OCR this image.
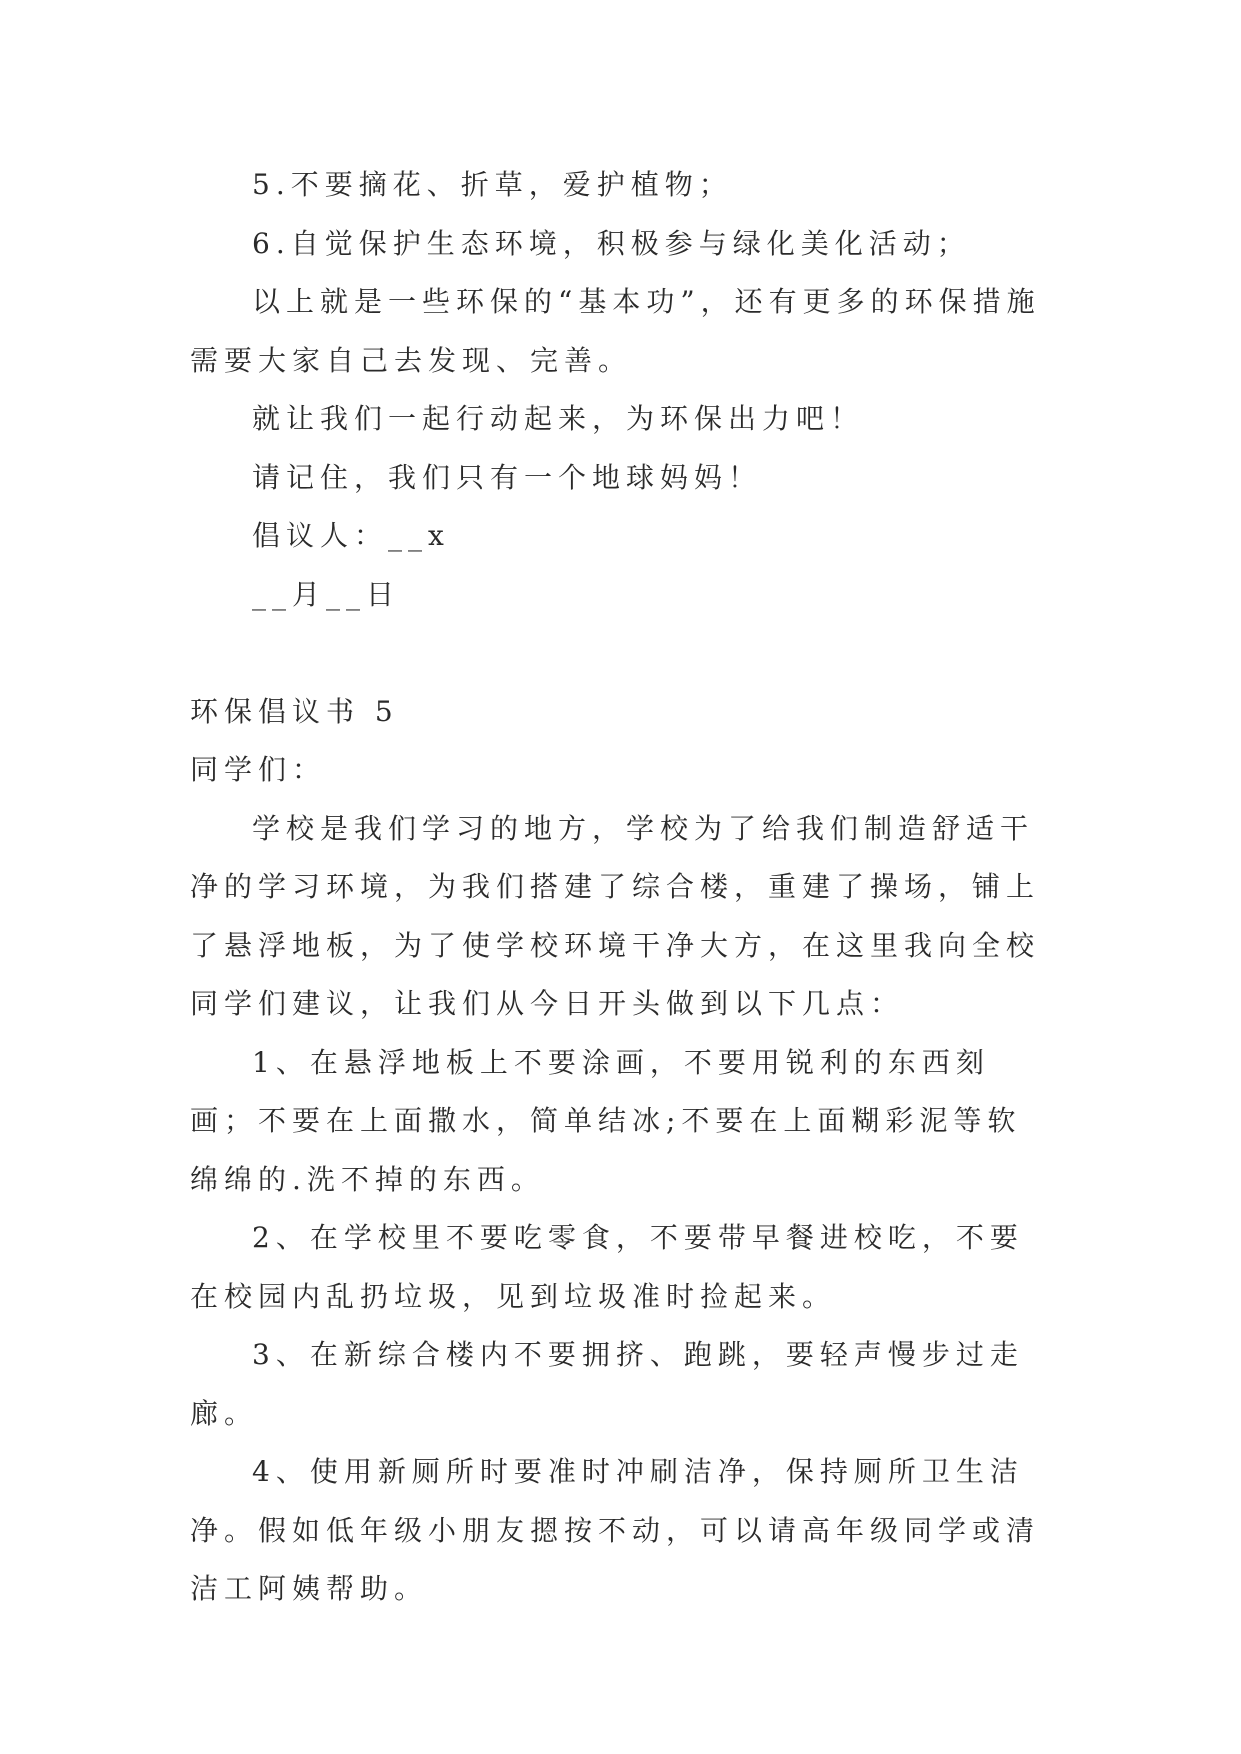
5.不要摘花、折草，爱护植物；

6.自觉保护生态环境，积极参与绿化美化活动；

以上就是一些环保的“基本功”，还有更多的环保措施需要大家自己去发现、完善。

就让我们一起行动起来，为环保出力吧！

请记住，我们只有一个地球妈妈！

倡议人：__x

__月__日

环保倡议书 5

同学们：

学校是我们学习的地方，学校为了给我们制造舒适干净的学习环境，为我们搭建了综合楼，重建了操场，铺上了悬浮地板，为了使学校环境干净大方，在这里我向全校同学们建议，让我们从今日开头做到以下几点：

1、在悬浮地板上不要涂画，不要用锐利的东西刻画；不要在上面撒水，简单结冰;不要在上面糊彩泥等软绵绵的.洗不掉的东西。

2、在学校里不要吃零食，不要带早餐进校吃，不要在校园内乱扔垃圾，见到垃圾准时捡起来。

3、在新综合楼内不要拥挤、跑跳，要轻声慢步过走廊。

4、使用新厕所时要准时冲刷洁净，保持厕所卫生洁净。假如低年级小朋友摁按不动，可以请高年级同学或清洁工阿姨帮助。
